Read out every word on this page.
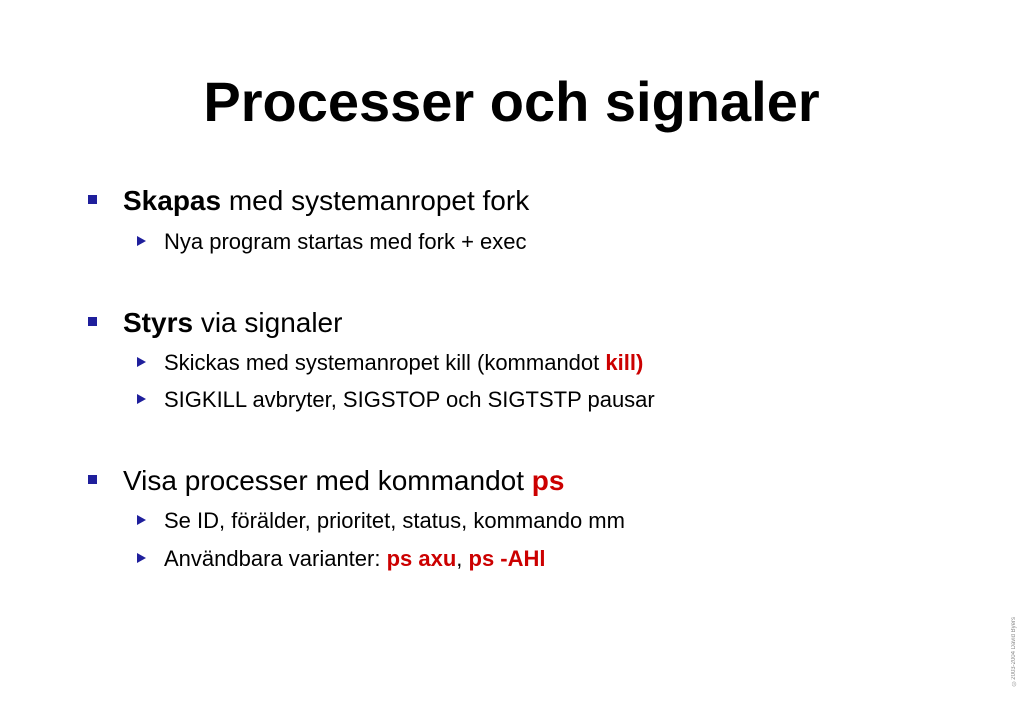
Processer och signaler
Skapas med systemanropet fork
Nya program startas med fork + exec
Styrs via signaler
Skickas med systemanropet kill (kommandot kill)
SIGKILL avbryter, SIGSTOP och SIGTSTP pausar
Visa processer med kommandot ps
Se ID, förälder, prioritet, status, kommando mm
Användbara varianter: ps axu, ps -AHl
©2003-2004 David Byers
